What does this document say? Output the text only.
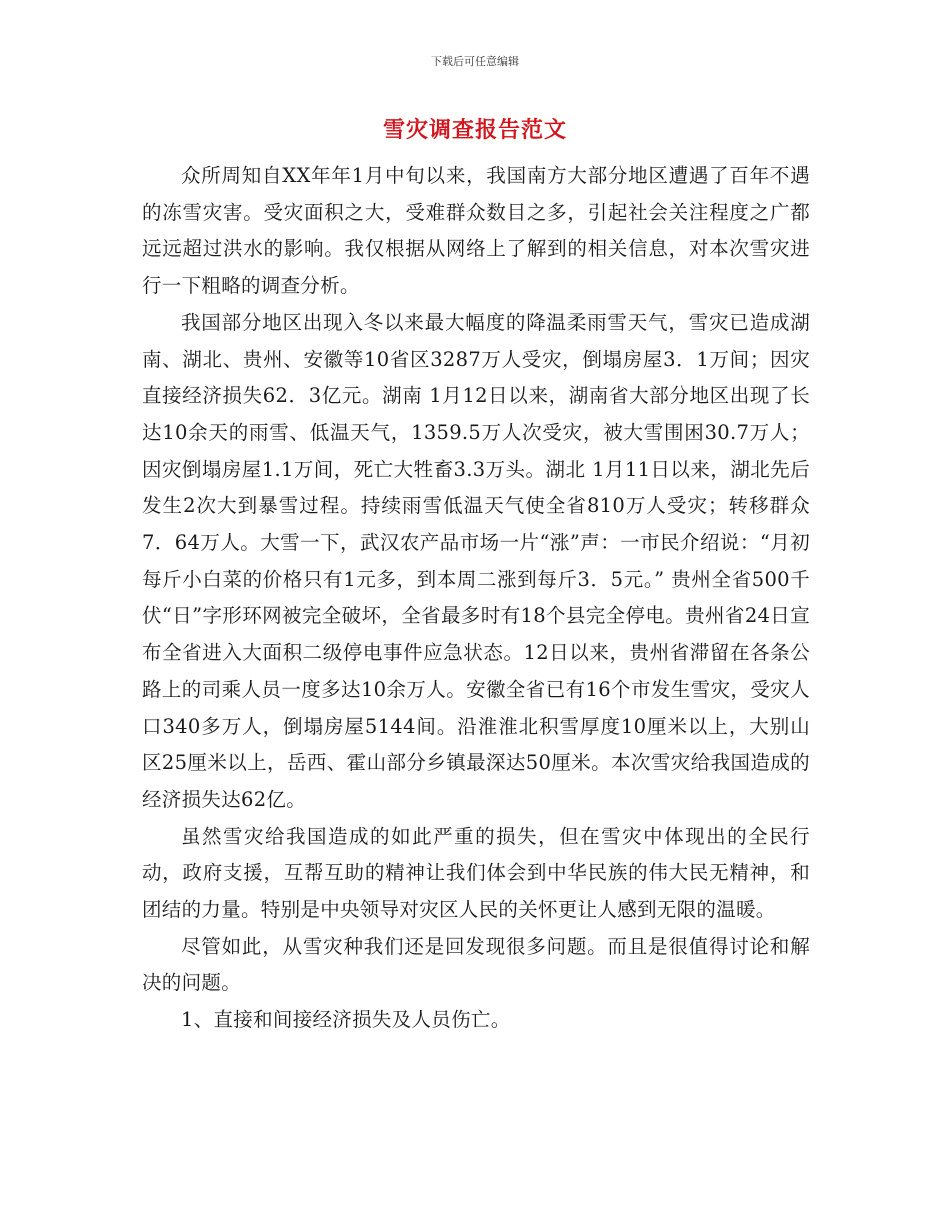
下载后可任意编辑
雪灾调查报告范文

众所周知自XX年年1月中旬以来，我国南方大部分地区遭遇了百年不遇的冻雪灾害。受灾面积之大，受难群众数目之多，引起社会关注程度之广都远远超过洪水的影响。我仅根据从网络上了解到的相关信息，对本次雪灾进行一下粗略的调查分析。

我国部分地区出现入冬以来最大幅度的降温柔雨雪天气，雪灾已造成湖南、湖北、贵州、安徽等10省区3287万人受灾，倒塌房屋3．1万间；因灾直接经济损失62．3亿元。湖南 1月12日以来，湖南省大部分地区出现了长达10余天的雨雪、低温天气，1359.5万人次受灾，被大雪围困30.7万人；因灾倒塌房屋1.1万间，死亡大牲畜3.3万头。湖北 1月11日以来，湖北先后发生2次大到暴雪过程。持续雨雪低温天气使全省810万人受灾；转移群众7．64万人。大雪一下，武汉农产品市场一片“涨”声：一市民介绍说：“月初每斤小白菜的价格只有1元多，到本周二涨到每斤3．5元。” 贵州全省500千伏“日”字形环网被完全破坏，全省最多时有18个县完全停电。贵州省24日宣布全省进入大面积二级停电事件应急状态。12日以来，贵州省滞留在各条公路上的司乘人员一度多达10余万人。安徽全省已有16个市发生雪灾，受灾人口340多万人，倒塌房屋5144间。沿淮淮北积雪厚度10厘米以上，大别山区25厘米以上，岳西、霍山部分乡镇最深达50厘米。本次雪灾给我国造成的经济损失达62亿。

虽然雪灾给我国造成的如此严重的损失，但在雪灾中体现出的全民行动，政府支援，互帮互助的精神让我们体会到中华民族的伟大民无精神，和团结的力量。特别是中央领导对灾区人民的关怀更让人感到无限的温暖。

尽管如此，从雪灾种我们还是回发现很多问题。而且是很值得讨论和解决的问题。

1、直接和间接经济损失及人员伤亡。
